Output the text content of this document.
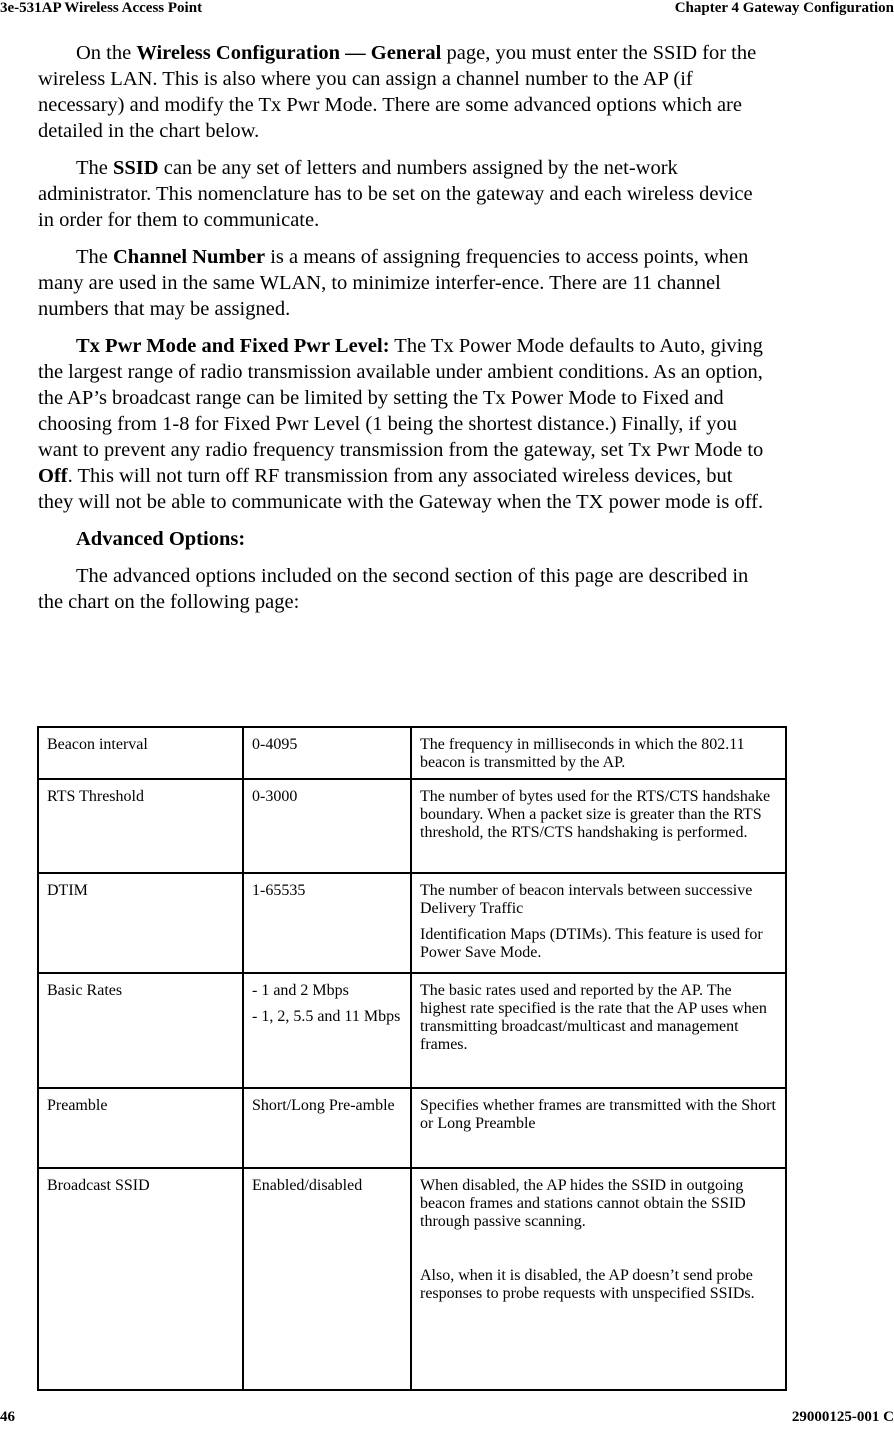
3e-531AP Wireless Access Point	Chapter 4 Gateway Configuration

On the Wireless Configuration — General page, you must enter the SSID for the wireless LAN. This is also where you can assign a channel number to the AP (if necessary) and modify the Tx Pwr Mode. There are some advanced options which are detailed in the chart below.

The SSID can be any set of letters and numbers assigned by the net-work administrator. This nomenclature has to be set on the gateway and each wireless device in order for them to communicate.

The Channel Number is a means of assigning frequencies to access points, when many are used in the same WLAN, to minimize interfer-ence. There are 11 channel numbers that may be assigned.

Tx Pwr Mode and Fixed Pwr Level: The Tx Power Mode defaults to Auto, giving the largest range of radio transmission available under ambient conditions. As an option, the AP’s broadcast range can be limited by setting the Tx Power Mode to Fixed and choosing from 1-8 for Fixed Pwr Level (1 being the shortest distance.) Finally, if you want to prevent any radio frequency transmission from the gateway, set Tx Pwr Mode to Off. This will not turn off RF transmission from any associated wireless devices, but they will not be able to communicate with the Gateway when the TX power mode is off.

Advanced Options:

The advanced options included on the second section of this page are described in the chart on the following page:

Beacon interval	0-4095	The frequency in milliseconds in which the 802.11 beacon is transmitted by the AP.

RTS Threshold	0-3000	The number of bytes used for the RTS/CTS handshake boundary. When a packet size is greater than the RTS threshold, the RTS/CTS handshaking is performed.

DTIM	1-65535	The number of beacon intervals between successive Delivery Traffic
Identification Maps (DTIMs). This feature is used for Power Save Mode.

Basic Rates	- 1 and 2 Mbps
- 1, 2, 5.5 and 11 Mbps	The basic rates used and reported by the AP. The highest rate specified is the rate that the AP uses when transmitting broadcast/multicast and management frames.

Preamble	Short/Long Pre-amble	Specifies whether frames are transmitted with the Short or Long Preamble

Broadcast SSID	Enabled/disabled	When disabled, the AP hides the SSID in outgoing beacon frames and stations cannot obtain the SSID through passive scanning.
Also, when it is disabled, the AP doesn’t send probe responses to probe requests with unspecified SSIDs.
46	29000125-001 C
